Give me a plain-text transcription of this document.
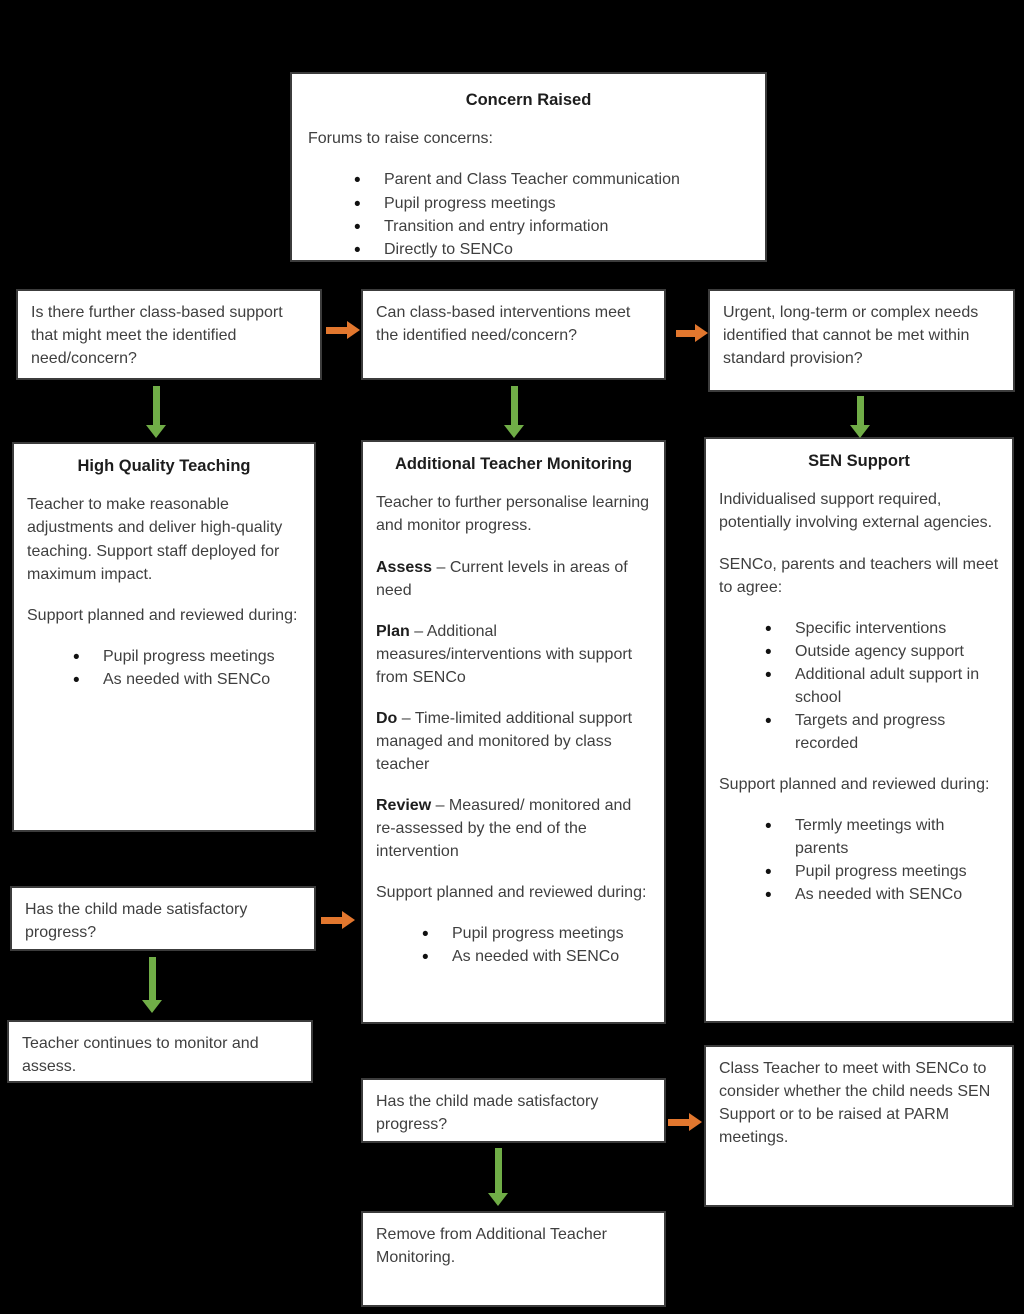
Concern Raised

Forums to raise concerns:

• Parent and Class Teacher communication
• Pupil progress meetings
• Transition and entry information
• Directly to SENCo

Is there further class-based support that might meet the identified need/concern?

Can class-based interventions meet the identified need/concern?

Urgent, long-term or complex needs identified that cannot be met within standard provision?

High Quality Teaching

Teacher to make reasonable adjustments and deliver high-quality teaching. Support staff deployed for maximum impact.

Support planned and reviewed during:

• Pupil progress meetings
• As needed with SENCo
Additional Teacher Monitoring

Teacher to further personalise learning and monitor progress.

Assess – Current levels in areas of need

Plan – Additional measures/interventions with support from SENCo

Do – Time-limited additional support managed and monitored by class teacher

Review – Measured/ monitored and re-assessed by the end of the intervention

Support planned and reviewed during:

• Pupil progress meetings
• As needed with SENCo
SEN Support

Individualised support required, potentially involving external agencies.

SENCo, parents and teachers will meet to agree:

• Specific interventions
• Outside agency support
• Additional adult support in school
• Targets and progress recorded

Support planned and reviewed during:

• Termly meetings with parents
• Pupil progress meetings
• As needed with SENCo

Has the child made satisfactory progress?

Teacher continues to monitor and assess.

Has the child made satisfactory progress?

Class Teacher to meet with SENCo to consider whether the child needs SEN Support or to be raised at PARM meetings.

Remove from Additional Teacher Monitoring.
